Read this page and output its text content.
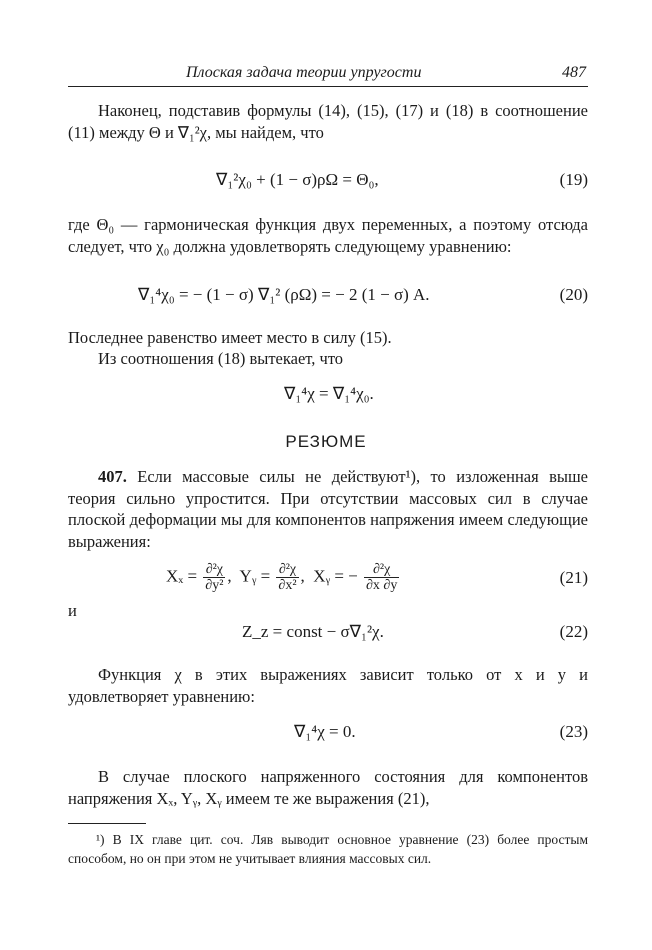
Плоская задача теории упругости	487
Наконец, подставив формулы (14), (15), (17) и (18) в соотношение (11) между Θ и ∇₁²χ, мы найдем, что
∇₁²χ₀ + (1 − σ)ρΩ = Θ₀,	(19)
где Θ₀ — гармоническая функция двух переменных, а поэтому отсюда следует, что χ₀ должна удовлетворять следующему уравнению:
∇₁⁴χ₀ = − (1 − σ) ∇₁² (ρΩ) = − 2 (1 − σ) A.	(20)
Последнее равенство имеет место в силу (15).
Из соотношения (18) вытекает, что
∇₁⁴χ = ∇₁⁴χ₀.
РЕЗЮМЕ
407. Если массовые силы не действуют¹), то изложенная выше теория сильно упростится. При отсутствии массовых сил в случае плоской деформации мы для компонентов напряжения имеем следующие выражения:
$X_x = \frac{\text{∂²χ}}{\text{∂y²}}$ ,  Yᵧ = $\frac{\text{∂²χ}}{\text{∂x²}}$ ,  Xᵧ = − $\frac{\text{∂²χ}}{\partial x \partial y}$	(21)
и
Z_z = const − σ∇₁²χ.	(22)
Функция χ в этих выражениях зависит только от x и y и удовлетворяет уравнению:
∇₁⁴χ = 0.	(23)
В случае плоского напряженного состояния для компонентов напряжения Xₓ, Yᵧ, Xᵧ имеем те же выражения (21),
¹) В IX главе цит. соч. Ляв выводит основное уравнение (23) более простым способом, но он при этом не учитывает влияния массовых сил.
